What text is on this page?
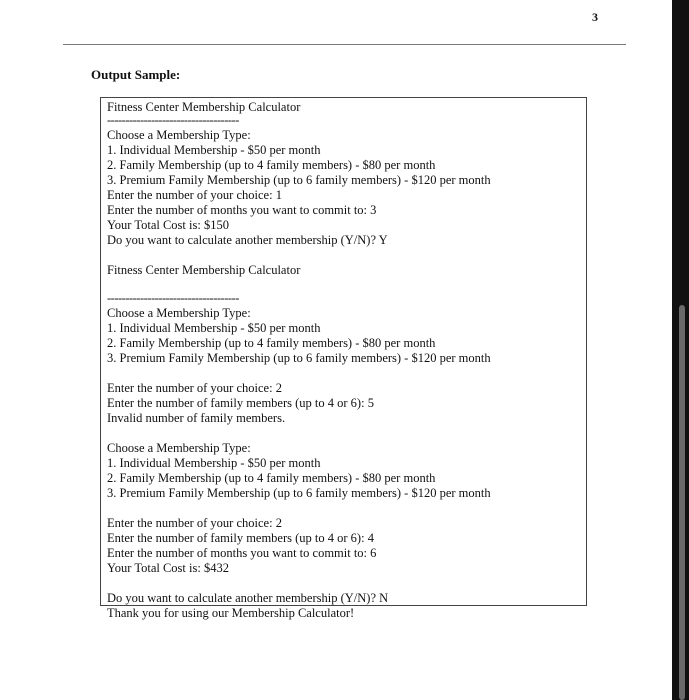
3
Output Sample:
Fitness Center Membership Calculator
------------------------------------
Choose a Membership Type:
1. Individual Membership - $50 per month
2. Family Membership (up to 4 family members) - $80 per month
3. Premium Family Membership (up to 6 family members) - $120 per month
Enter the number of your choice: 1
Enter the number of months you want to commit to: 3
Your Total Cost is: $150
Do you want to calculate another membership (Y/N)? Y
Fitness Center Membership Calculator
------------------------------------
Choose a Membership Type:
1. Individual Membership - $50 per month
2. Family Membership (up to 4 family members) - $80 per month
3. Premium Family Membership (up to 6 family members) - $120 per month
Enter the number of your choice: 2
Enter the number of family members (up to 4 or 6): 5
Invalid number of family members.
Choose a Membership Type:
1. Individual Membership - $50 per month
2. Family Membership (up to 4 family members) - $80 per month
3. Premium Family Membership (up to 6 family members) - $120 per month
Enter the number of your choice: 2
Enter the number of family members (up to 4 or 6): 4
Enter the number of months you want to commit to: 6
Your Total Cost is: $432
Do you want to calculate another membership (Y/N)? N
Thank you for using our Membership Calculator!
